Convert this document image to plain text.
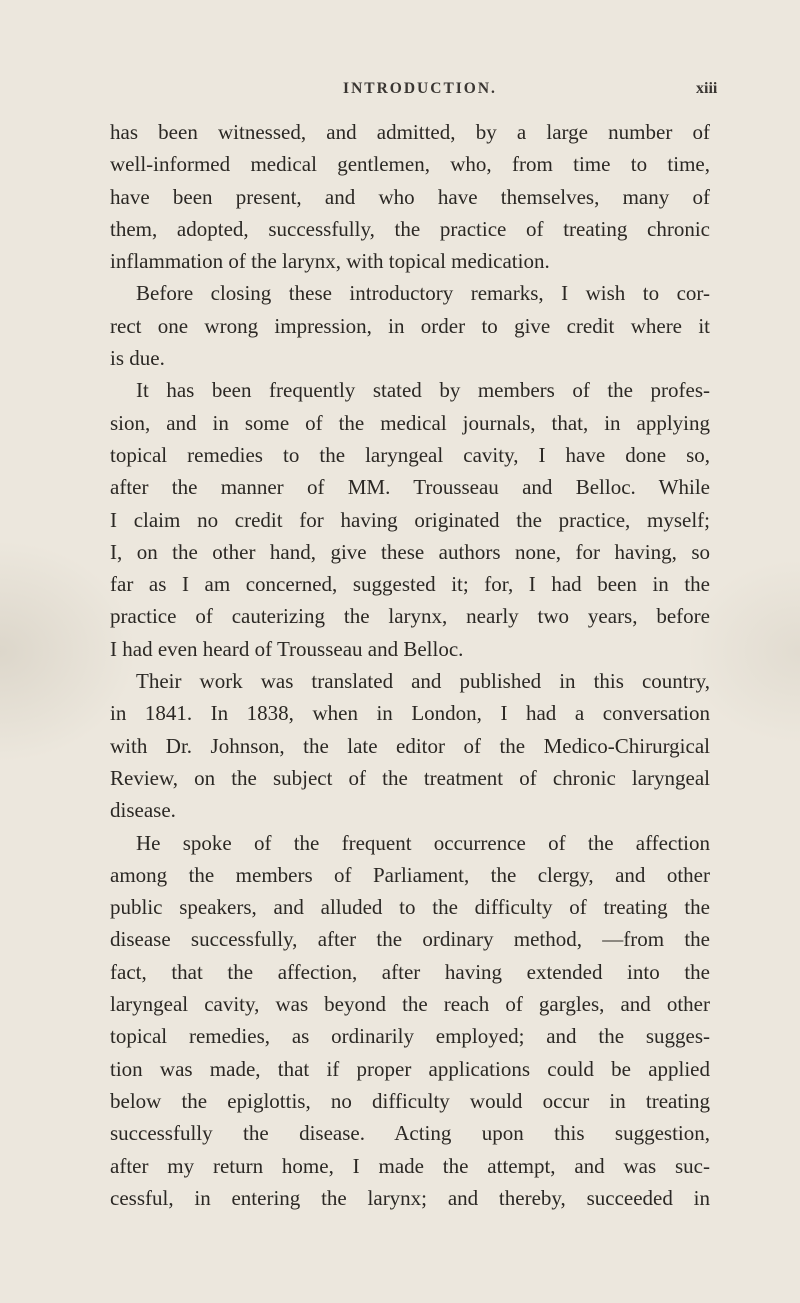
INTRODUCTION.	xiii
has been witnessed, and admitted, by a large number of
well-informed medical gentlemen, who, from time to time,
have been present, and who have themselves, many of
them, adopted, successfully, the practice of treating chronic
inflammation of the larynx, with topical medication.
Before closing these introductory remarks, I wish to cor-
rect one wrong impression, in order to give credit where it
is due.
It has been frequently stated by members of the profes-
sion, and in some of the medical journals, that, in applying
topical remedies to the laryngeal cavity, I have done so,
after the manner of MM. Trousseau and Belloc. While
I claim no credit for having originated the practice, myself;
I, on the other hand, give these authors none, for having, so
far as I am concerned, suggested it; for, I had been in the
practice of cauterizing the larynx, nearly two years, before
I had even heard of Trousseau and Belloc.
Their work was translated and published in this country,
in 1841. In 1838, when in London, I had a conversation
with Dr. Johnson, the late editor of the Medico-Chirurgical
Review, on the subject of the treatment of chronic laryngeal
disease.
He spoke of the frequent occurrence of the affection
among the members of Parliament, the clergy, and other
public speakers, and alluded to the difficulty of treating the
disease successfully, after the ordinary method, —from the
fact, that the affection, after having extended into the
laryngeal cavity, was beyond the reach of gargles, and other
topical remedies, as ordinarily employed; and the sugges-
tion was made, that if proper applications could be applied
below the epiglottis, no difficulty would occur in treating
successfully the disease. Acting upon this suggestion,
after my return home, I made the attempt, and was suc-
cessful, in entering the larynx; and thereby, succeeded in
